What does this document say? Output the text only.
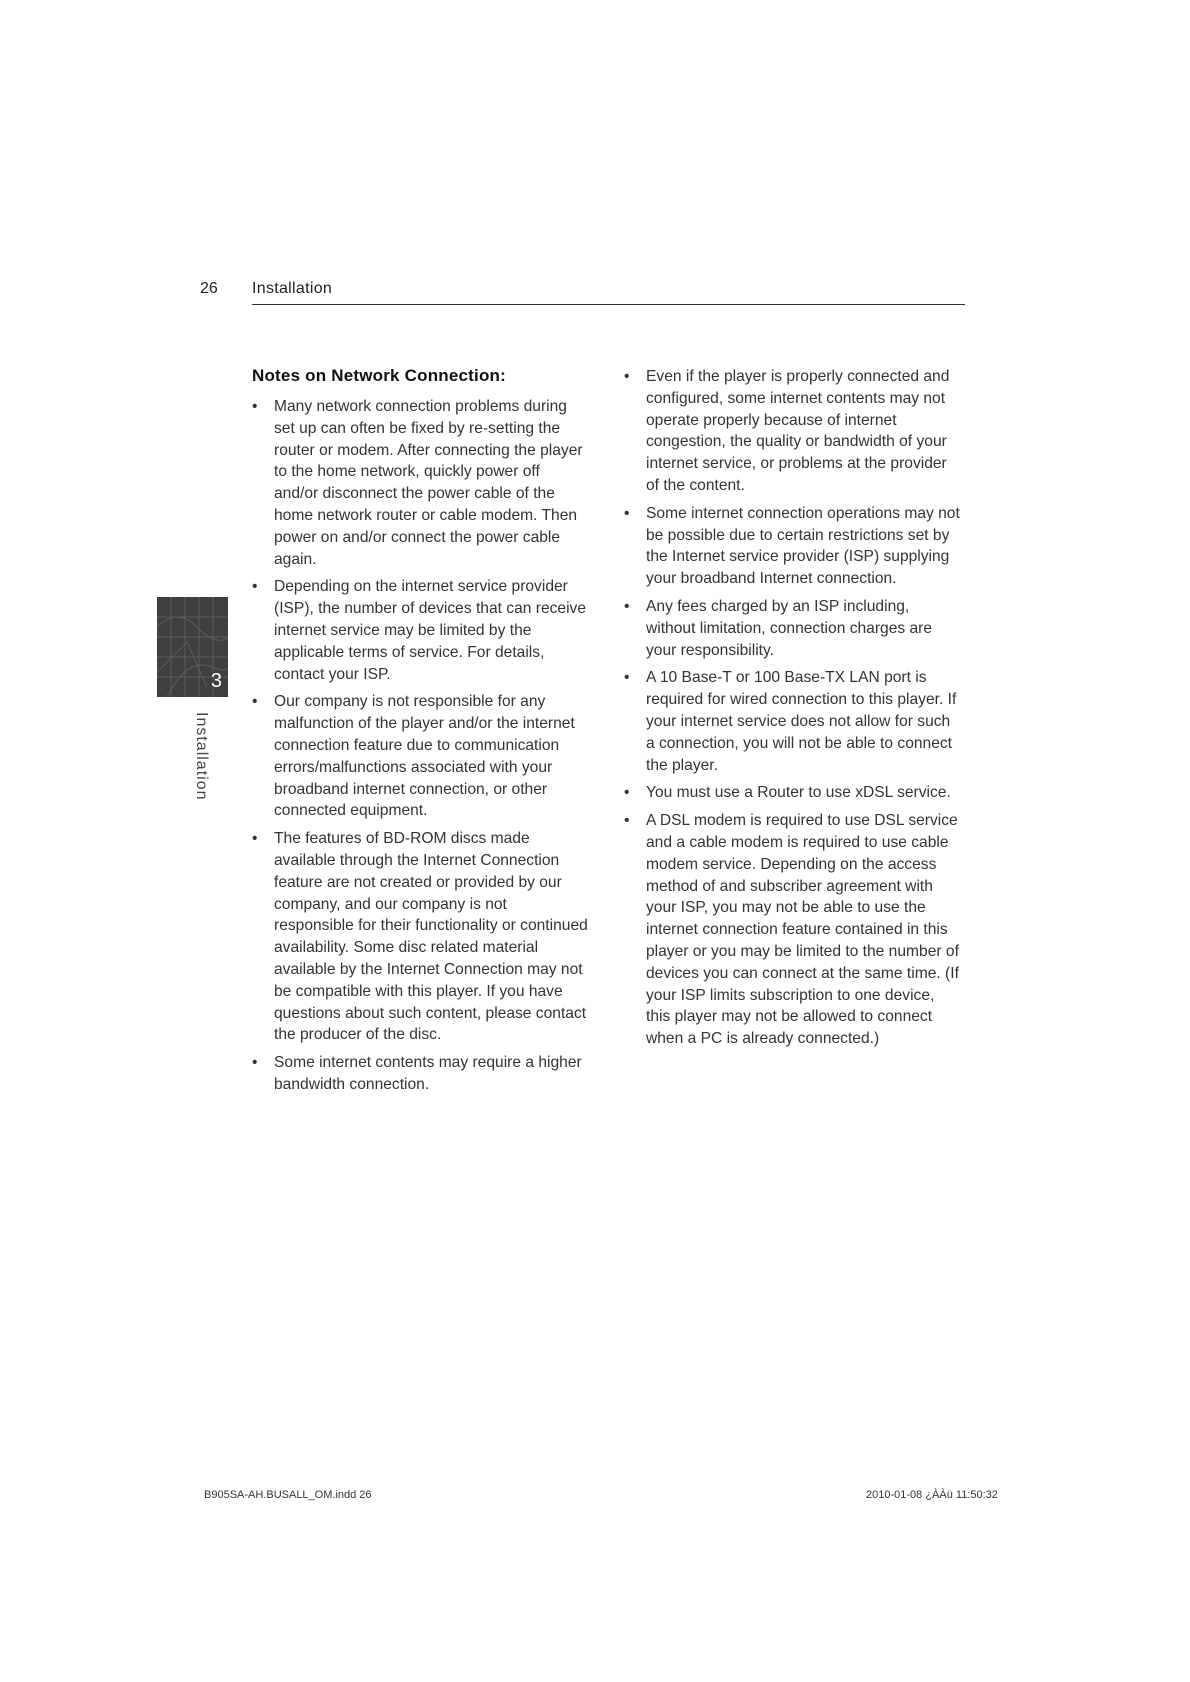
26 Installation
3
Installation
Notes on Network Connection:
• Many network connection problems during set up can often be fixed by re-setting the router or modem. After connecting the player to the home network, quickly power off and/or disconnect the power cable of the home network router or cable modem. Then power on and/or connect the power cable again.
• Depending on the internet service provider (ISP), the number of devices that can receive internet service may be limited by the applicable terms of service. For details, contact your ISP.
• Our company is not responsible for any malfunction of the player and/or the internet connection feature due to communication errors/malfunctions associated with your broadband internet connection, or other connected equipment.
• The features of BD-ROM discs made available through the Internet Connection feature are not created or provided by our company, and our company is not responsible for their functionality or continued availability. Some disc related material available by the Internet Connection may not be compatible with this player. If you have questions about such content, please contact the producer of the disc.
• Some internet contents may require a higher bandwidth connection.
• Even if the player is properly connected and configured, some internet contents may not operate properly because of internet congestion, the quality or bandwidth of your internet service, or problems at the provider of the content.
• Some internet connection operations may not be possible due to certain restrictions set by the Internet service provider (ISP) supplying your broadband Internet connection.
• Any fees charged by an ISP including, without limitation, connection charges are your responsibility.
• A 10 Base-T or 100 Base-TX LAN port is required for wired connection to this player. If your internet service does not allow for such a connection, you will not be able to connect the player.
• You must use a Router to use xDSL service.
• A DSL modem is required to use DSL service and a cable modem is required to use cable modem service. Depending on the access method of and subscriber agreement with your ISP, you may not be able to use the internet connection feature contained in this player or you may be limited to the number of devices you can connect at the same time. (If your ISP limits subscription to one device, this player may not be allowed to connect when a PC is already connected.)
B905SA-AH.BUSALL_OM.indd 26	2010-01-08 ¿ÀÀü 11:50:32
